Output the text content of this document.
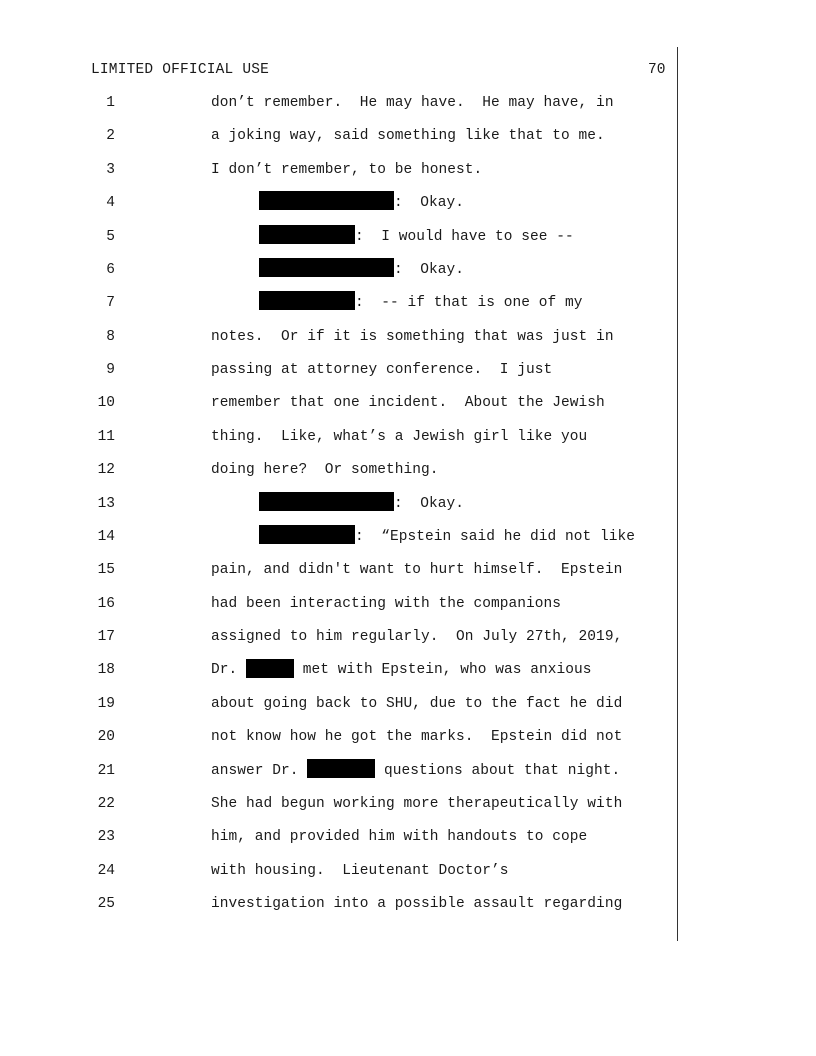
LIMITED OFFICIAL USE	70
1	don’t remember.  He may have.  He may have, in
2	a joking way, said something like that to me.
3	I don’t remember, to be honest.
4	:  Okay.
5	:  I would have to see --
6	:  Okay.
7	:  -- if that is one of my
8	notes.  Or if it is something that was just in
9	passing at attorney conference.  I just
10	remember that one incident.  About the Jewish
11	thing.  Like, what’s a Jewish girl like you
12	doing here?  Or something.
13	:  Okay.
14	:  “Epstein said he did not like
15	pain, and didn't want to hurt himself.  Epstein
16	had been interacting with the companions
17	assigned to him regularly.  On July 27th, 2019,
18	Dr.	met with Epstein, who was anxious
19	about going back to SHU, due to the fact he did
20	not know how he got the marks.  Epstein did not
21	answer Dr.	questions about that night.
22	She had begun working more therapeutically with
23	him, and provided him with handouts to cope
24	with housing.  Lieutenant Doctor’s
25	investigation into a possible assault regarding
